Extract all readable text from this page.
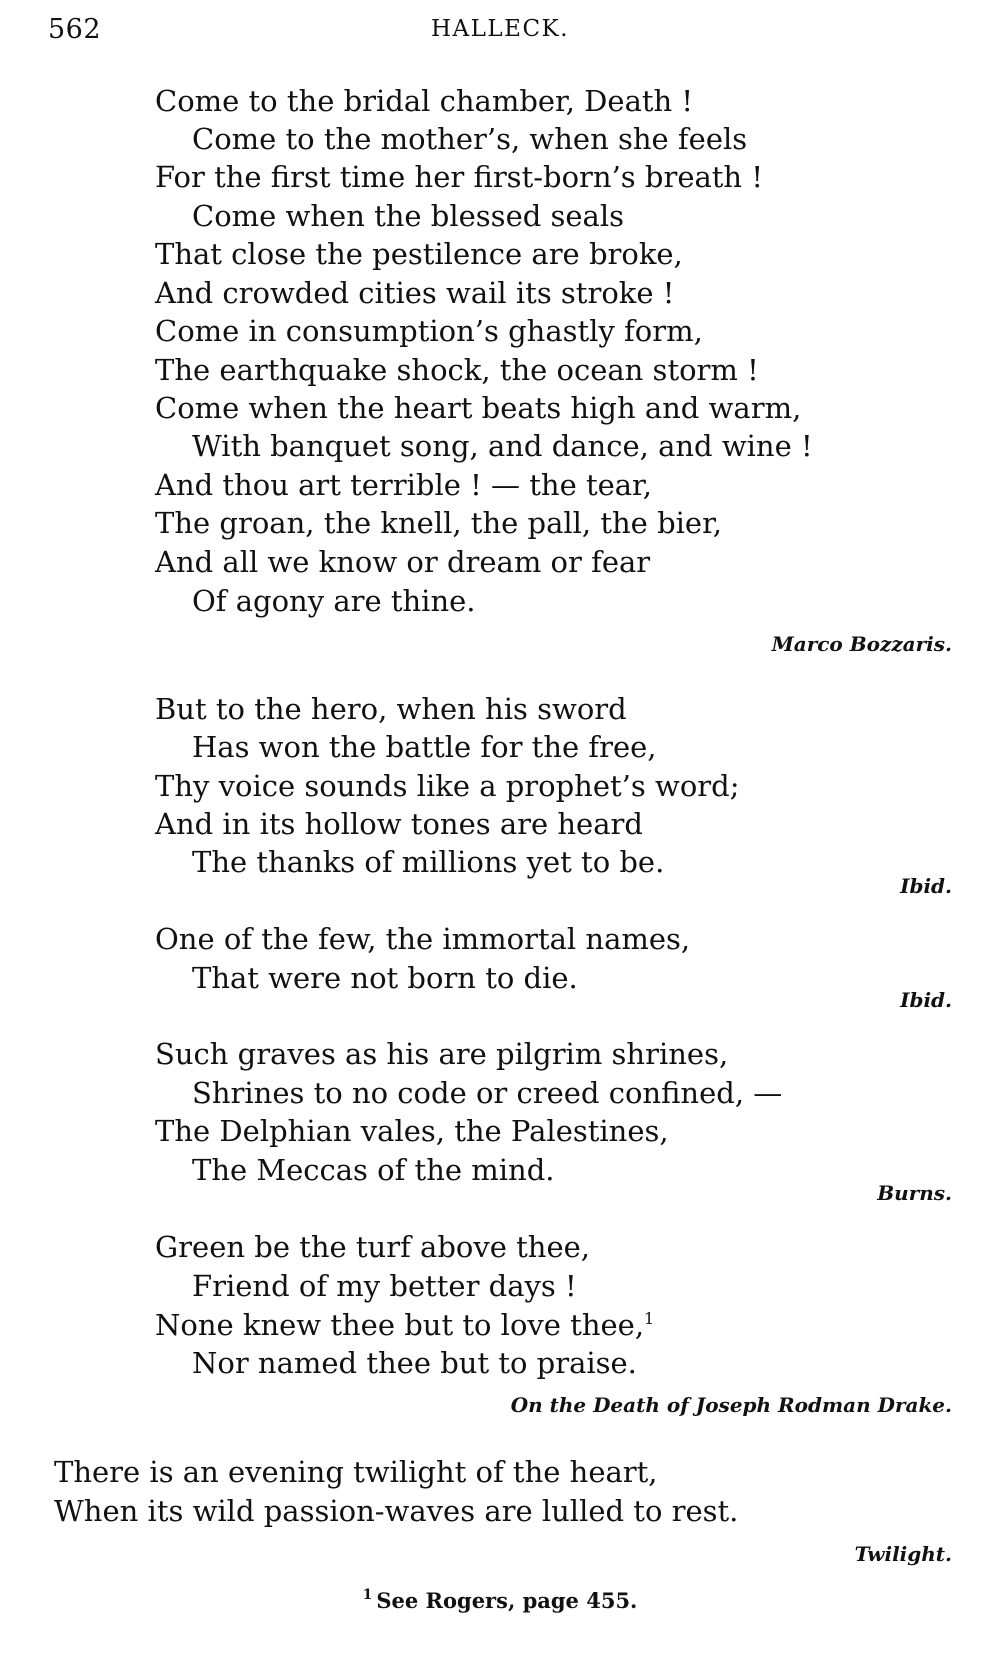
562	HALLECK.
Come to the bridal chamber, Death !
Come to the mother’s, when she feels
For the first time her first-born’s breath !
Come when the blessed seals
That close the pestilence are broke,
And crowded cities wail its stroke !
Come in consumption’s ghastly form,
The earthquake shock, the ocean storm !
Come when the heart beats high and warm,
With banquet song, and dance, and wine !
And thou art terrible ! — the tear,
The groan, the knell, the pall, the bier,
And all we know or dream or fear
Of agony are thine.
Marco Bozzaris.
But to the hero, when his sword
Has won the battle for the free,
Thy voice sounds like a prophet’s word;
And in its hollow tones are heard
The thanks of millions yet to be.
Ibid.
One of the few, the immortal names,
That were not born to die.
Ibid.
Such graves as his are pilgrim shrines,
Shrines to no code or creed confined, —
The Delphian vales, the Palestines,
The Meccas of the mind.
Burns.
Green be the turf above thee,
Friend of my better days !
None knew thee but to love thee,$^1$
Nor named thee but to praise.
On the Death of Joseph Rodman Drake.
There is an evening twilight of the heart,
When its wild passion-waves are lulled to rest.
Twilight.
$^1$ See Rogers, page 455.
